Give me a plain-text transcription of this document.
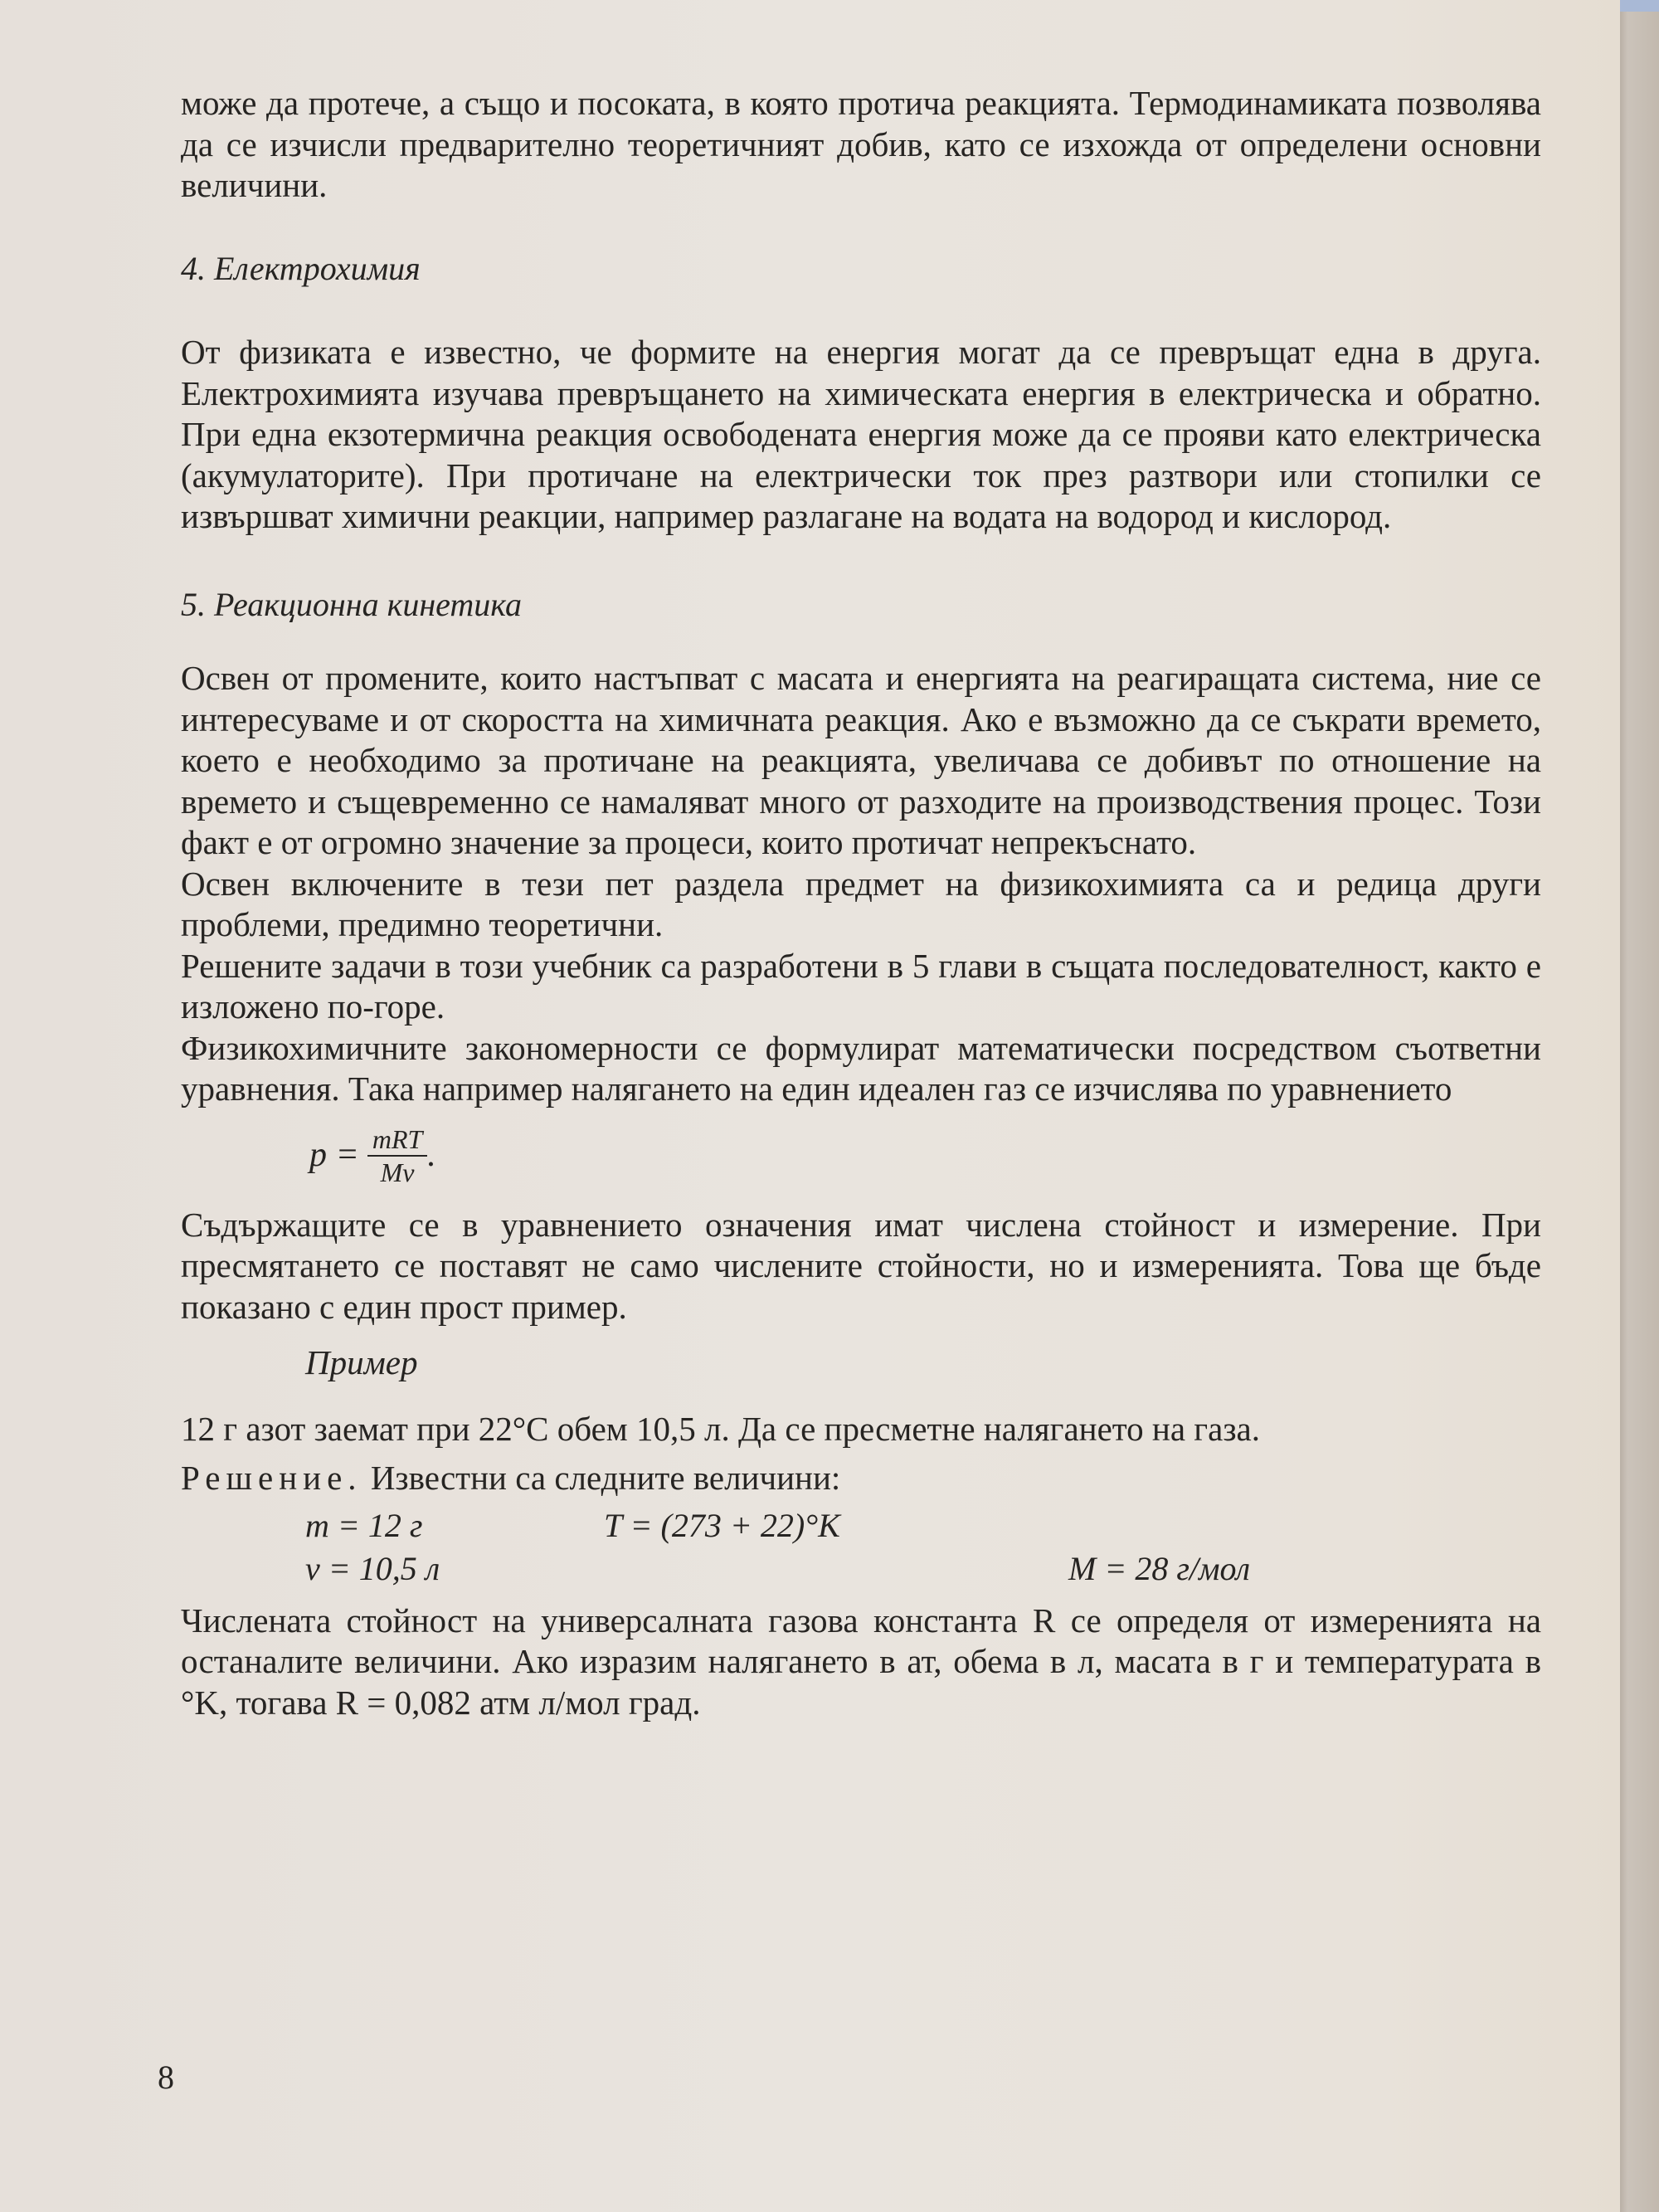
може да протече, а също и посоката, в която протича реакцията. Термодинамиката позволява да се изчисли предварително теоретичният добив, като се изхожда от определени основни величини.

4. Електрохимия

От физиката е известно, че формите на енергия могат да се превръщат една в друга. Електрохимията изучава превръщането на химическата енергия в електрическа и обратно. При една екзотермична реакция освободената енергия може да се прояви като електрическа (акумулаторите). При протичане на електрически ток през разтвори или стопилки се извършват химични реакции, например разлагане на водата на водород и кислород.

5. Реакционна кинетика

Освен от промените, които настъпват с масата и енергията на реагиращата система, ние се интересуваме и от скоростта на химичната реакция. Ако е възможно да се съкрати времето, което е необходимо за протичане на реакцията, увеличава се добивът по отношение на времето и същевременно се намаляват много от разходите на производствения процес. Този факт е от огромно значение за процеси, които протичат непрекъснато.

Освен включените в тези пет раздела предмет на физикохимията са и редица други проблеми, предимно теоретични.

Решените задачи в този учебник са разработени в 5 глави в същата последователност, както е изложено по-горе.

Физикохимичните закономерности се формулират математически посредством съответни уравнения. Така например налягането на един идеален газ се изчислява по уравнението

$p = \frac{\text{mRT}}{Mv}$ .

Съдържащите се в уравнението означения имат числена стойност и измерение. При пресмятането се поставят не само числените стойности, но и измеренията. Това ще бъде показано с един прост пример.

Пример

12 г азот заемат при 22°C обем 10,5 л. Да се пресметне налягането на газа.

Решение. Известни са следните величини:

m = 12 г	T = (273 + 22)°K
v = 10,5 л	M = 28 г/мол

Числената стойност на универсалната газова константа R се определя от измеренията на останалите величини. Ако изразим налягането в ат, обема в л, масата в г и температурата в °K, тогава R = 0,082 атм л/мол град.

8
